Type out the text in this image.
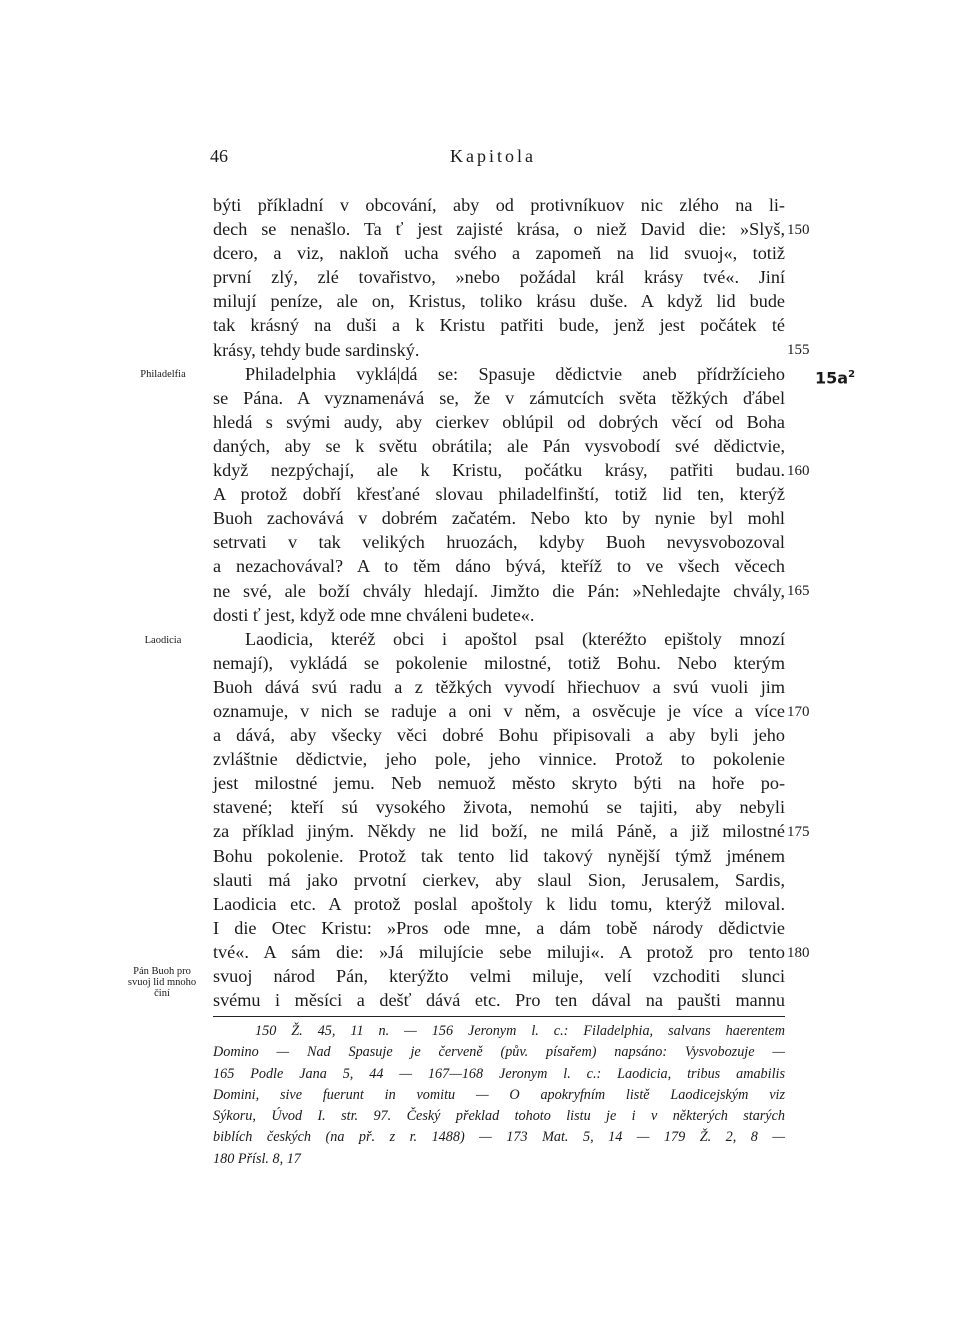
46	Kapitola
býti příkladní v obcování, aby od protivníkuov nic zlého na li-
dech se nenašlo. Ta ť jest zajisté krása, o niež David die: »Slyš,
dcero, a viz, nakloň ucha svého a zapomeň na lid svuoj«, totiž
první zlý, zlé tovařistvo, »nebo požádal král krásy tvé«. Jiní
milují peníze, ale on, Kristus, toliko krásu duše. A když lid bude
tak krásný na duši a k Kristu patřiti bude, jenž jest počátek té
krásy, tehdy bude sardinský.
Philadelphia vyklá|dá se: Spasuje dědictvie aneb přídržícieho
se Pána. A vyznamenává se, že v zámutcích světa těžkých ďábel
hledá s svými audy, aby cierkev oblúpil od dobrých věcí od Boha
daných, aby se k světu obrátila; ale Pán vysvobodí své dědictvie,
když nezpýchají, ale k Kristu, počátku krásy, patřiti budau.
A protož dobří křesťané slovau philadelfinští, totiž lid ten, kterýž
Buoh zachovává v dobrém začatém. Nebo kto by nynie byl mohl
setrvati v tak velikých hruozách, kdyby Buoh nevysvobozoval
a nezachovával? A to těm dáno bývá, kteříž to ve všech věcech
ne své, ale boží chvály hledají. Jimžto die Pán: »Nehledajte chvály,
dosti ť jest, když ode mne chváleni budete«.
Laodicia, kteréž obci i apoštol psal (kteréžto epištoly mnozí
nemají), vykládá se pokolenie milostné, totiž Bohu. Nebo kterým
Buoh dává svú radu a z těžkých vyvodí hřiechuov a svú vuoli jim
oznamuje, v nich se raduje a oni v něm, a osvěcuje je více a více
a dává, aby všecky věci dobré Bohu připisovali a aby byli jeho
zvláštnie dědictvie, jeho pole, jeho vinnice. Protož to pokolenie
jest milostné jemu. Neb nemuož město skryto býti na hoře po-
stavené; kteří sú vysokého života, nemohú se tajiti, aby nebyli
za příklad jiným. Někdy ne lid boží, ne milá Páně, a již milostné
Bohu pokolenie. Protož tak tento lid takový nynější týmž jménem
slauti má jako prvotní cierkev, aby slaul Sion, Jerusalem, Sardis,
Laodicia etc. A protož poslal apoštoly k lidu tomu, kterýž miloval.
I die Otec Kristu: »Pros ode mne, a dám tobě národy dědictvie
tvé«. A sám die: »Já milujície sebe miluji«. A protož pro tento
svuoj národ Pán, kterýžto velmi miluje, velí vzchoditi slunci
svému i měsíci a dešť dává etc. Pro ten dával na paušti mannu
150
155
160
165
170
175
180
$15a^2$
Philadelfia
Laodicia
Pán Buoh pro
svuoj lid mnoho
činí
150 Ž. 45, 11 n. — 156 Jeronym l. c.: Filadelphia, salvans haerentem
Domino — Nad Spasuje je červeně (pův. písařem) napsáno: Vysvobozuje —
165 Podle Jana 5, 44 — 167—168 Jeronym l. c.: Laodicia, tribus amabilis
Domini, sive fuerunt in vomitu — O apokryfním listě Laodicejským viz
Sýkoru, Úvod I. str. 97. Český překlad tohoto listu je i v některých starých
biblích českých (na př. z r. 1488) — 173 Mat. 5, 14 — 179 Ž. 2, 8 —
180 Přísl. 8, 17
